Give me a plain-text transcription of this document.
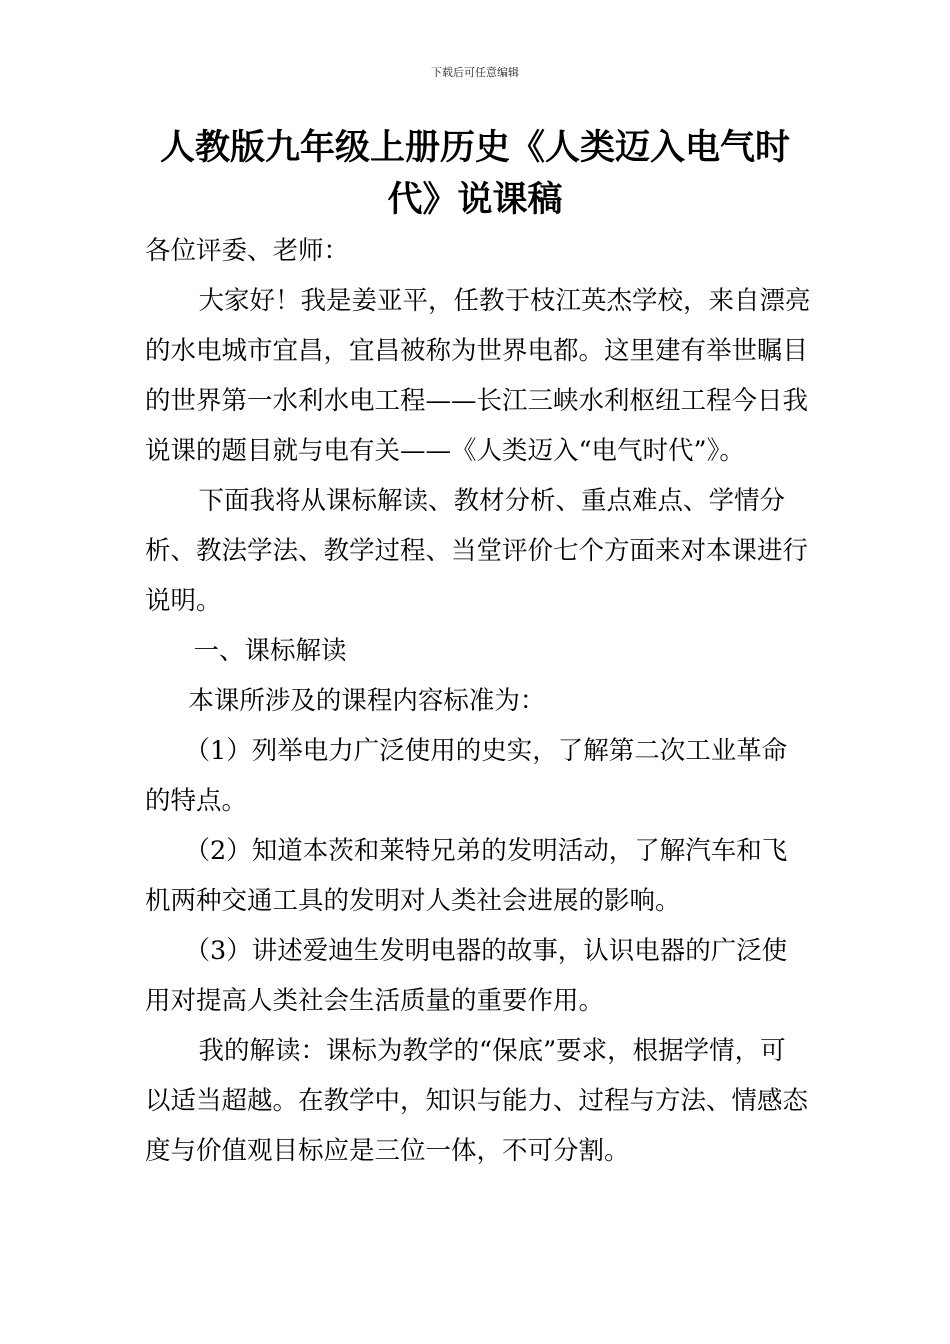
下载后可任意编辑
人教版九年级上册历史《人类迈入电气时
代》说课稿

各位评委、老师：

大家好！我是姜亚平，任教于枝江英杰学校，来自漂亮的水电城市宜昌，宜昌被称为世界电都。这里建有举世瞩目的世界第一水利水电工程——长江三峡水利枢纽工程今日我说课的题目就与电有关——《人类迈入“电气时代”》。

下面我将从课标解读、教材分析、重点难点、学情分析、教法学法、教学过程、当堂评价七个方面来对本课进行说明。

一、课标解读

本课所涉及的课程内容标准为：

（1）列举电力广泛使用的史实，了解第二次工业革命的特点。

（2）知道本茨和莱特兄弟的发明活动，了解汽车和飞机两种交通工具的发明对人类社会进展的影响。

（3）讲述爱迪生发明电器的故事，认识电器的广泛使用对提高人类社会生活质量的重要作用。

我的解读：课标为教学的“保底”要求，根据学情，可以适当超越。在教学中，知识与能力、过程与方法、情感态度与价值观目标应是三位一体，不可分割。
